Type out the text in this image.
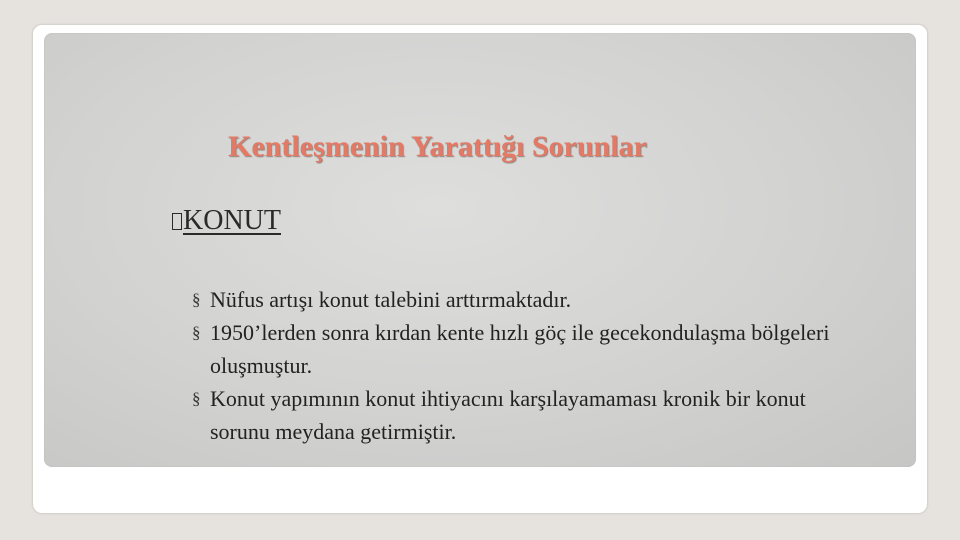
Kentleşmenin Yarattığı Sorunlar
KONUT
§ Nüfus artışı konut talebini arttırmaktadır.
§ 1950’lerden sonra kırdan kente hızlı göç ile gecekondulaşma bölgeleri oluşmuştur.
§ Konut yapımının konut ihtiyacını karşılayamaması kronik bir konut sorunu meydana getirmiştir.
